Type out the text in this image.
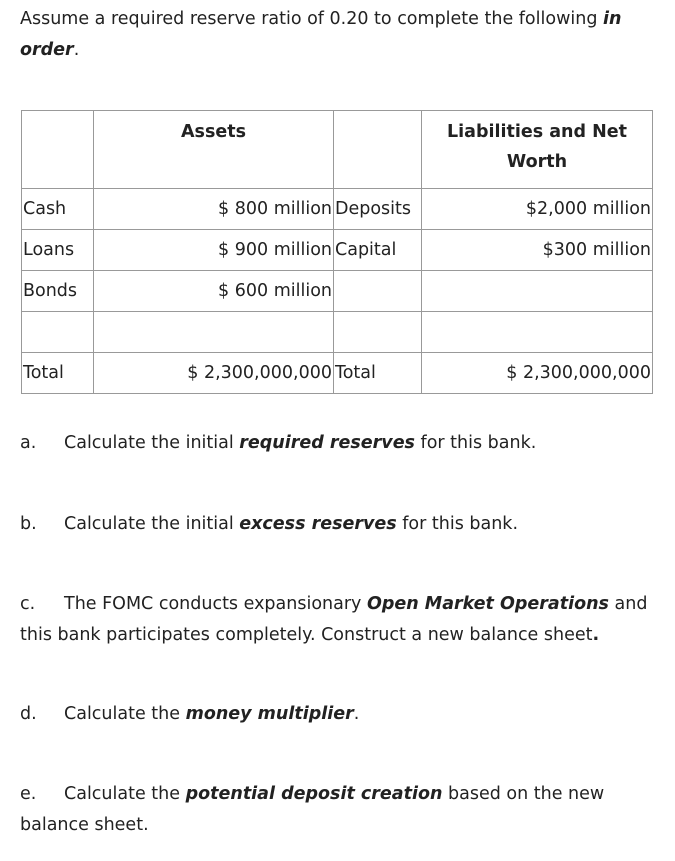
Assume a required reserve ratio of 0.20 to complete the following in order.
	Assets		Liabilities and Net Worth
Cash	$ 800 million	Deposits	$2,000 million
Loans	$ 900 million	Capital	$300 million
Bonds	$ 600 million		

Total	$ 2,300,000,000	Total	$ 2,300,000,000
a. Calculate the initial required reserves for this bank.
b. Calculate the initial excess reserves for this bank.
c. The FOMC conducts expansionary Open Market Operations and this bank participates completely. Construct a new balance sheet.
d. Calculate the money multiplier.
e. Calculate the potential deposit creation based on the new balance sheet.
